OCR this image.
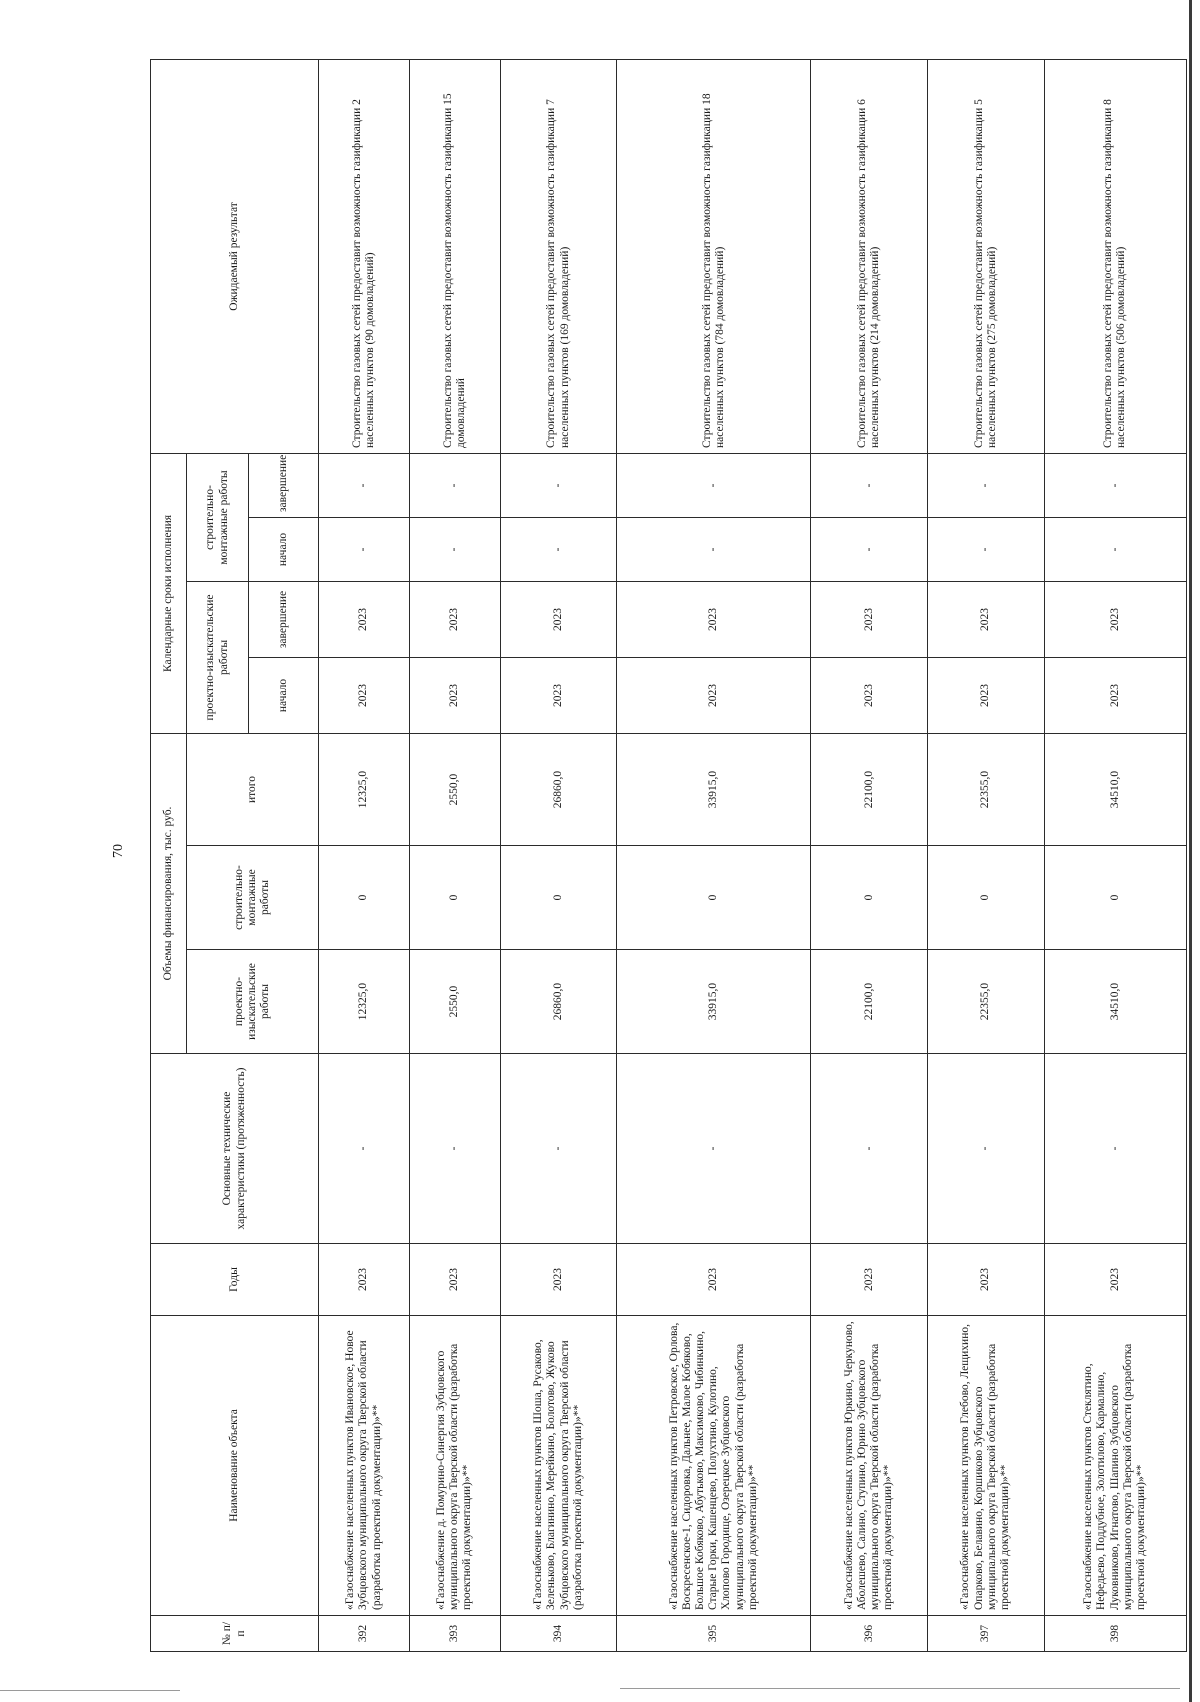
70
№ п/п	Наименование объекта	Годы	Основные технические характеристики (протяженность)	Объемы финансирования, тыс. руб.			Календарные сроки исполнения				Ожидаемый результат
				проектно-изыскательские работы	строительно-монтажные работы	итого	проектно-изыскательские работы		строительно-монтажные работы		
							начало	завершение	начало	завершение	
392	«Газоснабжение населенных пунктов Ивановское, Новое Зубцовского муниципального округа Тверской области (разработка проектной документации)»**	2023	-	12325,0	0	12325,0	2023	2023	-	-	Строительство газовых сетей предоставит возможность газификации 2 населенных пунктов (90 домовладений)
393	«Газоснабжение д. Помурино-Синергия Зубцовского муниципального округа Тверской области (разработка проектной документации)»**	2023	-	2550,0	0	2550,0	2023	2023	-	-	Строительство газовых сетей предоставит возможность газификации 15 домовладений
394	«Газоснабжение населенных пунктов Шоша, Русаково, Зеленьково, Благинино, Мерейкино, Болотово, Жуково Зубцовского муниципального округа Тверской области (разработка проектной документации)»**	2023	-	26860,0	0	26860,0	2023	2023	-	-	Строительство газовых сетей предоставит возможность газификации 7 населенных пунктов (169 домовладений)
395	«Газоснабжение населенных пунктов Петровское, Орлова, Воскресенское-1, Сидоровка, Дальнее, Малое Кобяково, Большое Кобяково, Абутьково, Максимково, Чибинкино, Старые Горки, Кашенцево, Полухтино, Кулотино, Хлопово Городище, Озерецкое Зубцовского муниципального округа Тверской области (разработка проектной документации)»**	2023	-	33915,0	0	33915,0	2023	2023	-	-	Строительство газовых сетей предоставит возможность газификации 18 населенных пунктов (784 домовладений)
396	«Газоснабжение населенных пунктов Юркино, Черкуново, Аболешево, Салино, Ступино, Юрино Зубцовского муниципального округа Тверской области (разработка проектной документации)»**	2023	-	22100,0	0	22100,0	2023	2023	-	-	Строительство газовых сетей предоставит возможность газификации 6 населенных пунктов (214 домовладений)
397	«Газоснабжение населенных пунктов Глебово, Лещихино, Опарково, Белавино, Коршиково Зубцовского муниципального округа Тверской области (разработка проектной документации)»**	2023	-	22355,0	0	22355,0	2023	2023	-	-	Строительство газовых сетей предоставит возможность газификации 5 населенных пунктов (275 домовладений)
398	«Газоснабжение населенных пунктов Стеклятино, Нефедьево, Поддубное, Золотилово, Кармалино, Луковниково, Игнатово, Шапино Зубцовского муниципального округа Тверской области (разработка проектной документации)»**	2023	-	34510,0	0	34510,0	2023	2023	-	-	Строительство газовых сетей предоставит возможность газификации 8 населенных пунктов (506 домовладений)
